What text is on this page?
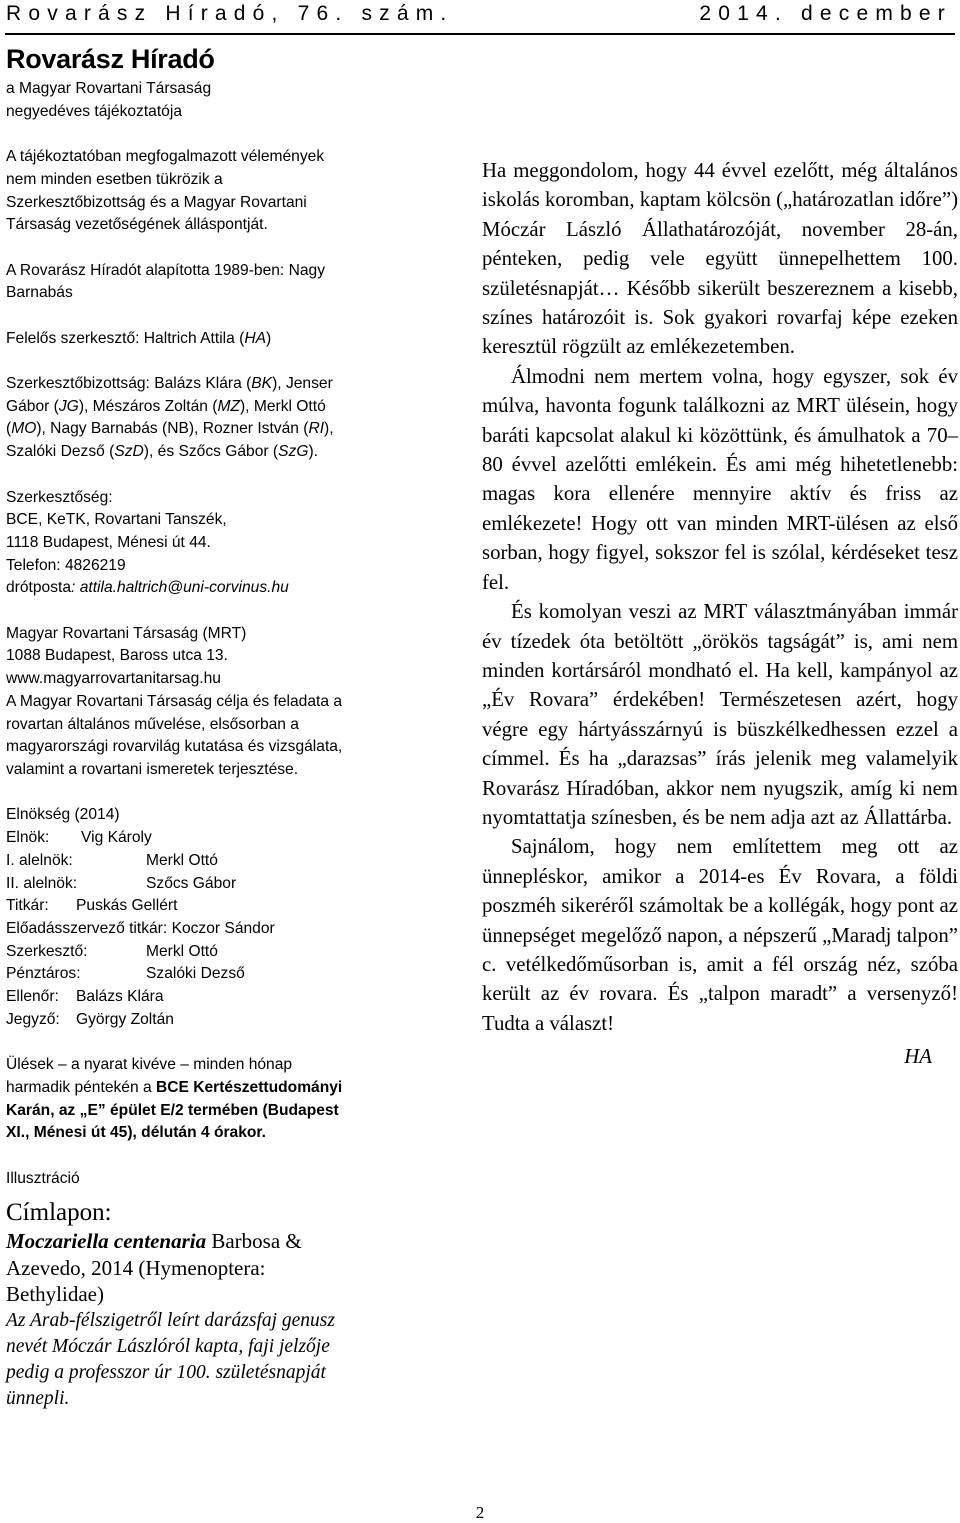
Rovarász Híradó, 76. szám.	2014. december
Rovarász Híradó

a Magyar Rovartani Társaság

negyedéves tájékoztatója

A tájékoztatóban megfogalmazott vélemények nem minden esetben tükrözik a Szerkesztőbizottság és a Magyar Rovartani Társaság vezetőségének álláspontját.

A Rovarász Híradót alapította 1989-ben: Nagy Barnabás

Felelős szerkesztő: Haltrich Attila (HA)

Szerkesztőbizottság: Balázs Klára (BK), Jenser Gábor (JG), Mészáros Zoltán (MZ), Merkl Ottó (MO), Nagy Barnabás (NB), Rozner István (RI), Szalóki Dezső (SzD), és Szőcs Gábor (SzG).

Szerkesztőség:

BCE, KeTK, Rovartani Tanszék,

1118 Budapest, Ménesi út 44.

Telefon: 4826219

drótposta: attila.haltrich@uni-corvinus.hu

Magyar Rovartani Társaság (MRT)

1088 Budapest, Baross utca 13.

www.magyarrovartanitarsag.hu

A Magyar Rovartani Társaság célja és feladata a rovartan általános művelése, elsősorban a magyarországi rovarvilág kutatása és vizsgálata, valamint a rovartani ismeretek terjesztése.

Elnökség (2014)

Elnök: Vig Károly

I. alelnök:	Merkl Ottó

II. alelnök:	Szőcs Gábor

Titkár: Puskás Gellért

Előadásszervező titkár: Koczor Sándor

Szerkesztő:	Merkl Ottó

Pénztáros:	Szalóki Dezső

Ellenőr: Balázs Klára

Jegyző: György Zoltán

Ülések – a nyarat kivéve – minden hónap harmadik péntekén a BCE Kertészettudományi Karán, az „E” épület E/2 termében (Budapest XI., Ménesi út 45), délután 4 órakor.

Illusztráció

Címlapon:
Moczariella centenaria Barbosa & Azevedo, 2014 (Hymenoptera: Bethylidae)
Az Arab-félszigetről leírt darázsfaj genusz nevét Móczár Lászlóról kapta, faji jelzője pedig a professzor úr 100. születésnapját ünnepli.

Ha meggondolom, hogy 44 évvel ezelőtt, még általános iskolás koromban, kaptam kölcsön („határozatlan időre”) Móczár László Állathatározóját, november 28-án, pénteken, pedig vele együtt ünnepelhettem 100. születésnapját… Később sikerült beszereznem a kisebb, színes határozóit is. Sok gyakori rovarfaj képe ezeken keresztül rögzült az emlékezetemben.

Álmodni nem mertem volna, hogy egyszer, sok év múlva, havonta fogunk találkozni az MRT ülésein, hogy baráti kapcsolat alakul ki közöttünk, és ámulhatok a 70–80 évvel azelőtti emlékein. És ami még hihetetlenebb: magas kora ellenére mennyire aktív és friss az emlékezete! Hogy ott van minden MRT-ülésen az első sorban, hogy figyel, sokszor fel is szólal, kérdéseket tesz fel.

És komolyan veszi az MRT választmányában immár év tízedek óta betöltött „örökös tagságát” is, ami nem minden kortársáról mondható el. Ha kell, kampányol az „Év Rovara” érdekében! Természetesen azért, hogy végre egy hártyásszárnyú is büszkélkedhessen ezzel a címmel. És ha „darazsas” írás jelenik meg valamelyik Rovarász Híradóban, akkor nem nyugszik, amíg ki nem nyomtattatja színesben, és be nem adja azt az Állattárba.

Sajnálom, hogy nem említettem meg ott az ünnepléskor, amikor a 2014-es Év Rovara, a földi poszméh sikeréről számoltak be a kollégák, hogy pont az ünnepséget megelőző napon, a népszerű „Maradj talpon” c. vetélkedőműsorban is, amit a fél ország néz, szóba került az év rovara. És „talpon maradt” a versenyző! Tudta a választ!

HA
2
